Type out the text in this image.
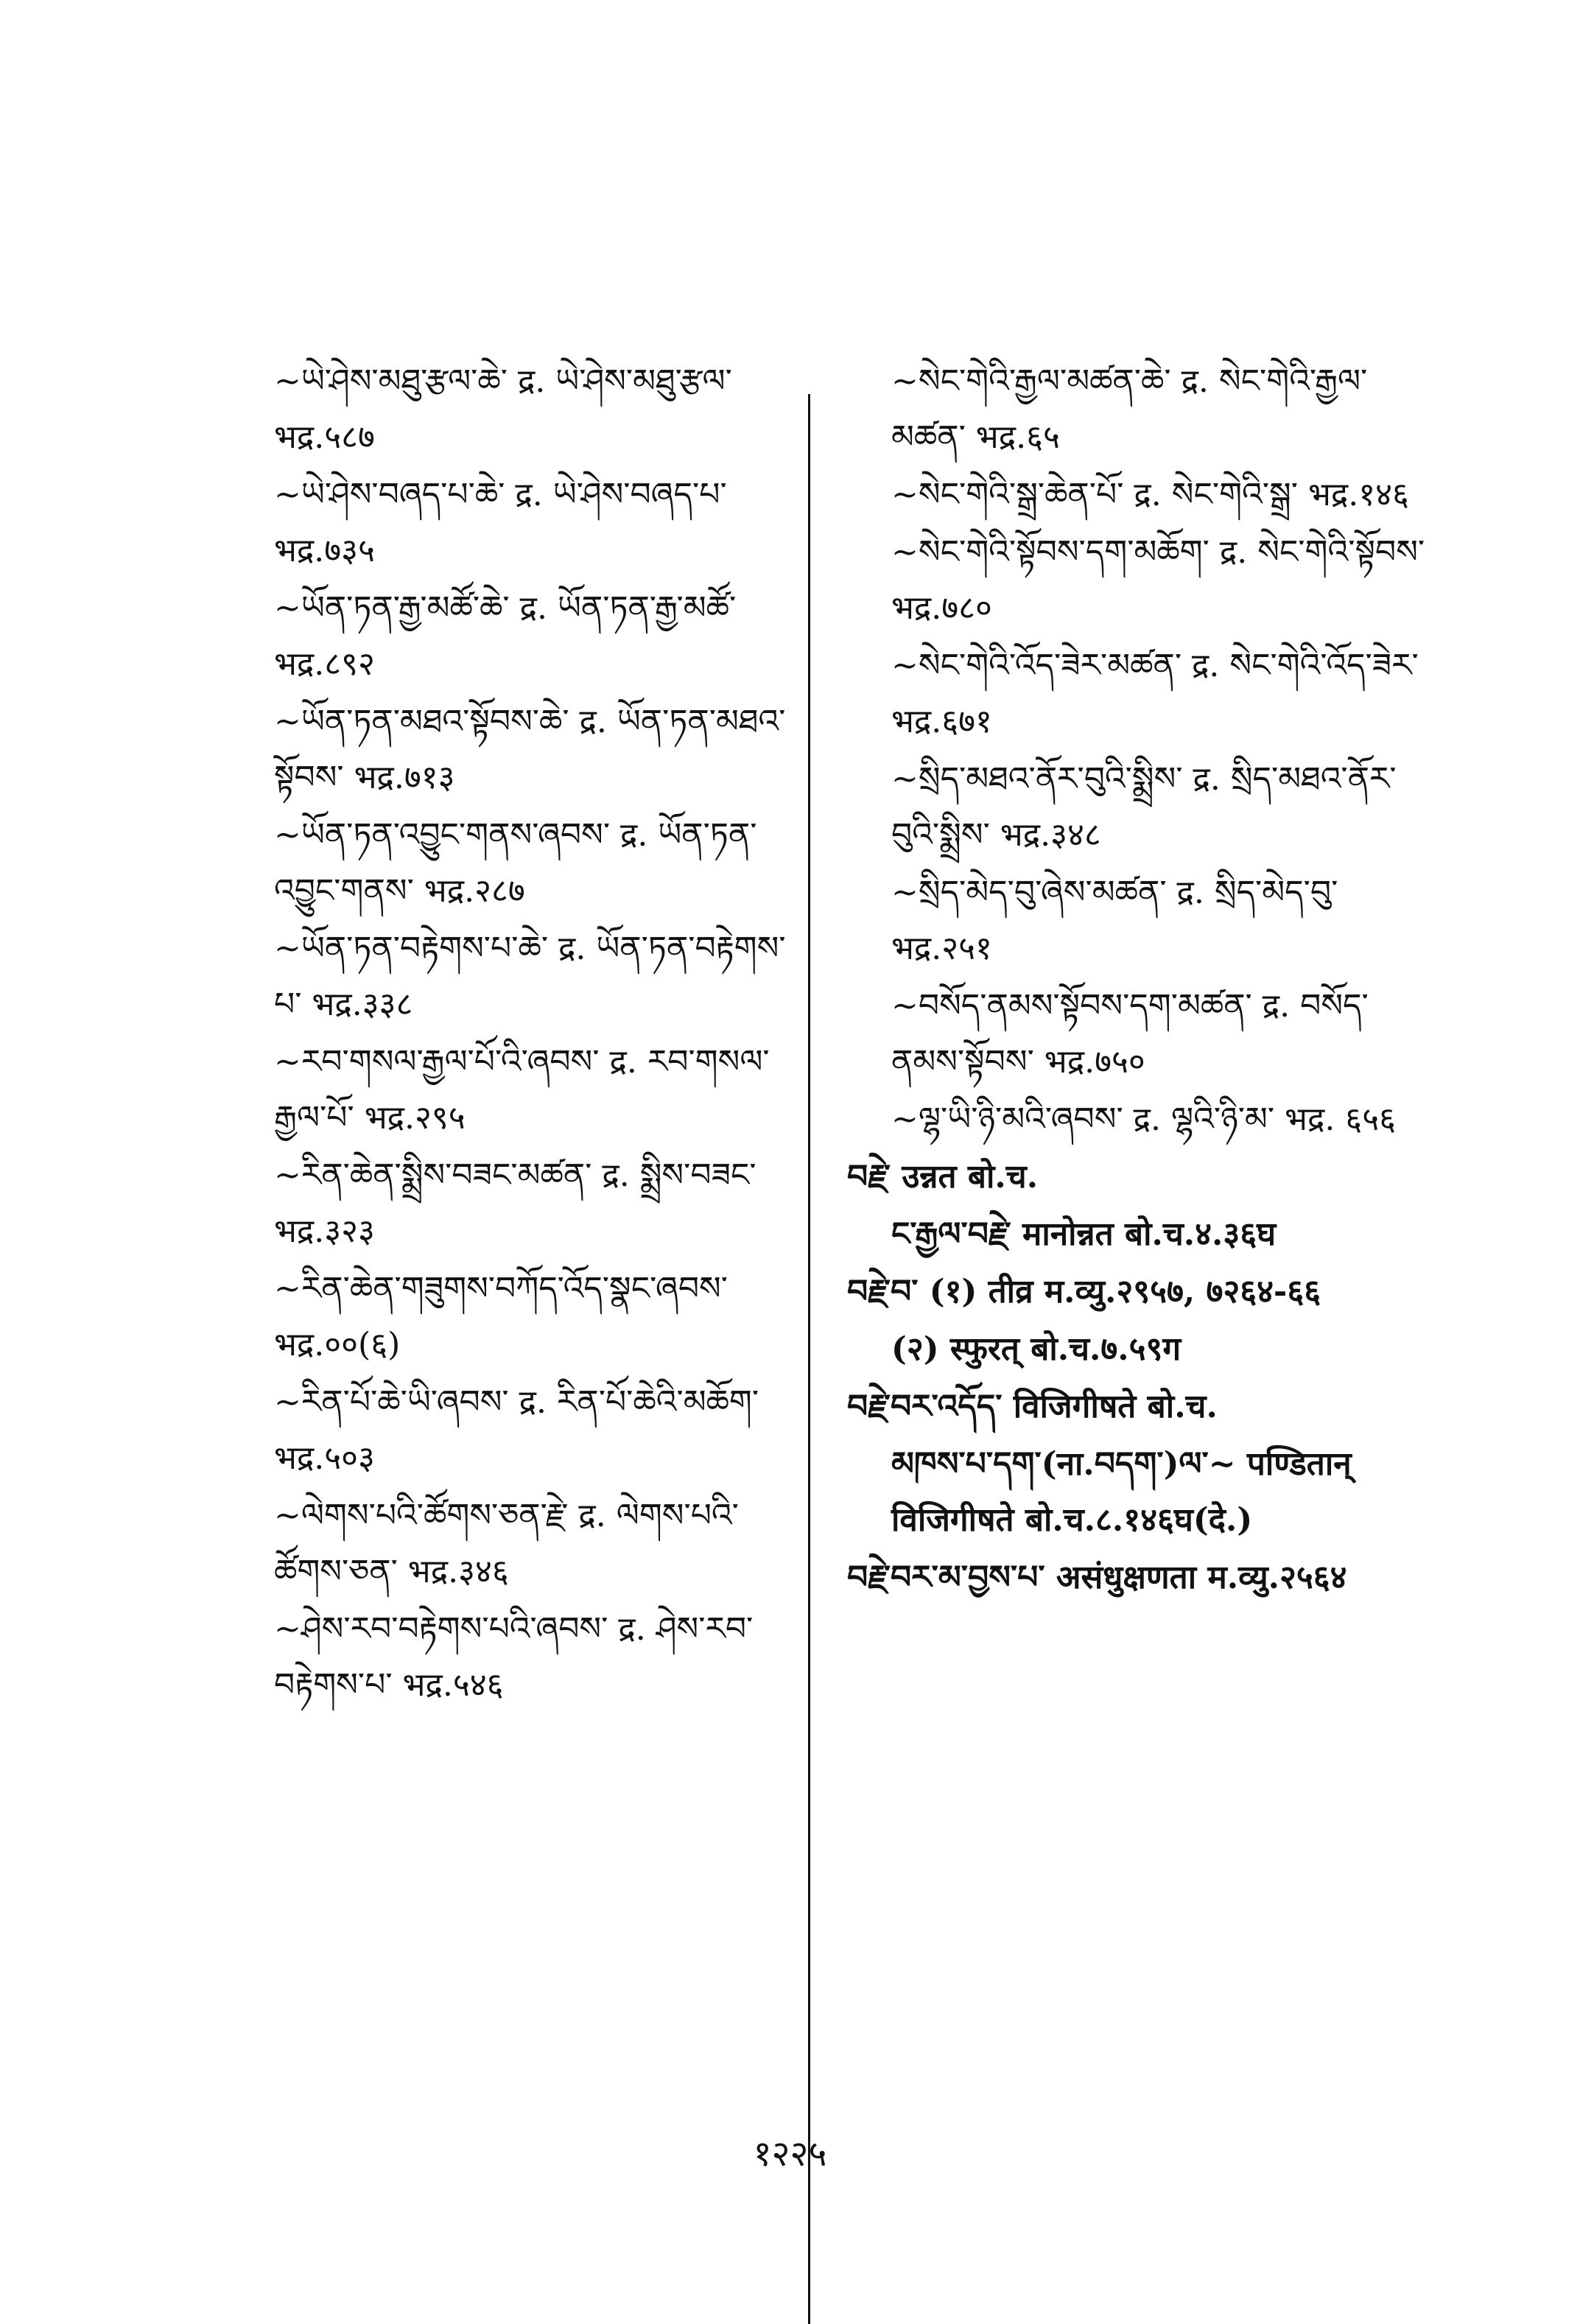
~ཡེ་ཤེས་མཐུ་རྩལ་ཆེ་ द्र. ཡེ་ཤེས་མཐུ་རྩལ་ भद्र.५८७

~ཡེ་ཤེས་བཞད་པ་ཆེ་ द्र. ཡེ་ཤེས་བཞད་པ་ भद्र.७३५

~ཡོན་ཏན་རྒྱ་མཚོ་ཆེ་ द्र. ཡོན་ཏན་རྒྱ་མཚོ་ भद्र.८९२

~ཡོན་ཏན་མཐའ་སྟོབས་ཆེ་ द्र. ཡོན་ཏན་མཐའ་སྟོབས་ भद्र.७१३

~ཡོན་ཏན་འབྱུང་གནས་ཞབས་ द्र. ཡོན་ཏན་འབྱུང་གནས་ भद्र.२८७

~ཡོན་ཏན་བརྟེགས་པ་ཆེ་ द्र. ཡོན་ཏན་བརྟེགས་པ་ भद्र.३३८

~རབ་གསལ་རྒྱལ་པོ་འི་ཞབས་ द्र. རབ་གསལ་རྒྱལ་པོ་ भद्र.२९५

~རིན་ཆེན་སྨྲིས་བཟང་མཚན་ द्र. སྨྲིས་བཟང་ भद्र.३२३

~རིན་ཆེན་གཟུགས་བཀོད་འོད་སྣང་ཞབས་ भद्र.००(६)

~རིན་པོ་ཆེ་ཡི་ཞབས་ द्र. རིན་པོ་ཆེའི་མཆོག་ भद्र.५०३

~ལེགས་པའི་ཚོགས་ཅན་རྗེ་ द्र. ལེགས་པའི་ཚོགས་ཅན་ भद्र.३४६

~ཤེས་རབ་བརྟེགས་པའི་ཞབས་ द्र. ཤེས་རབ་བརྟེགས་པ་ भद्र.५४६

~སེང་གེའི་རྒྱལ་མཚན་ཆེ་ द्र. སེང་གེའི་རྒྱལ་མཚན་ भद्र.६५

~སེང་གེའི་སྒྲ་ཆེན་པོ་ द्र. སེང་གེའི་སྒྲ་ भद्र.१४६

~སེང་གེའི་སྟོབས་དག་མཆོག་ द्र. སེང་གེའི་སྟོབས་ भद्र.७८०

~སེང་གེའི་འོད་ཟེར་མཚན་ द्र. སེང་གེའི་འོད་ཟེར་ भद्र.६७१

~སྲིད་མཐའ་ནོར་བུའི་སྨྲིས་ द्र. སྲིད་མཐའ་ནོར་བུའི་སྨྲིས་ भद्र.३४८

~སྲིད་མེད་བུ་ཞེས་མཚན་ द्र. སྲིད་མེད་བུ་ भद्र.२५१

~བསོད་ནམས་སྟོབས་དག་མཚན་ द्र. བསོད་ནམས་སྟོབས་ भद्र.७५०

~ལྷ་ཡི་ཉི་མའི་ཞབས་ द्र. ལྷའི་ཉི་མ་ भद्र. ६५६

བརྗེ་ उन्नत बो.च.

ང་རྒྱལ་བརྗེ་ मानोन्नत बो.च.४.३६घ

བརྗེ་བ་ (१) तीव्र म.व्यु.२९५७, ७२६४-६६

(२) स्फुरत् बो.च.७.५९ग

བརྗེ་བར་འདོད་ विजिगीषते बो.च.

མཁས་པ་དག་(ना.བདག་)ལ་~ पण्डितान् विजिगीषते बो.च.८.१४६घ(दे.)

བརྗེ་བར་མ་བྱས་པ་ असंधुक्षणता म.व्यु.२५६४

१२२५
